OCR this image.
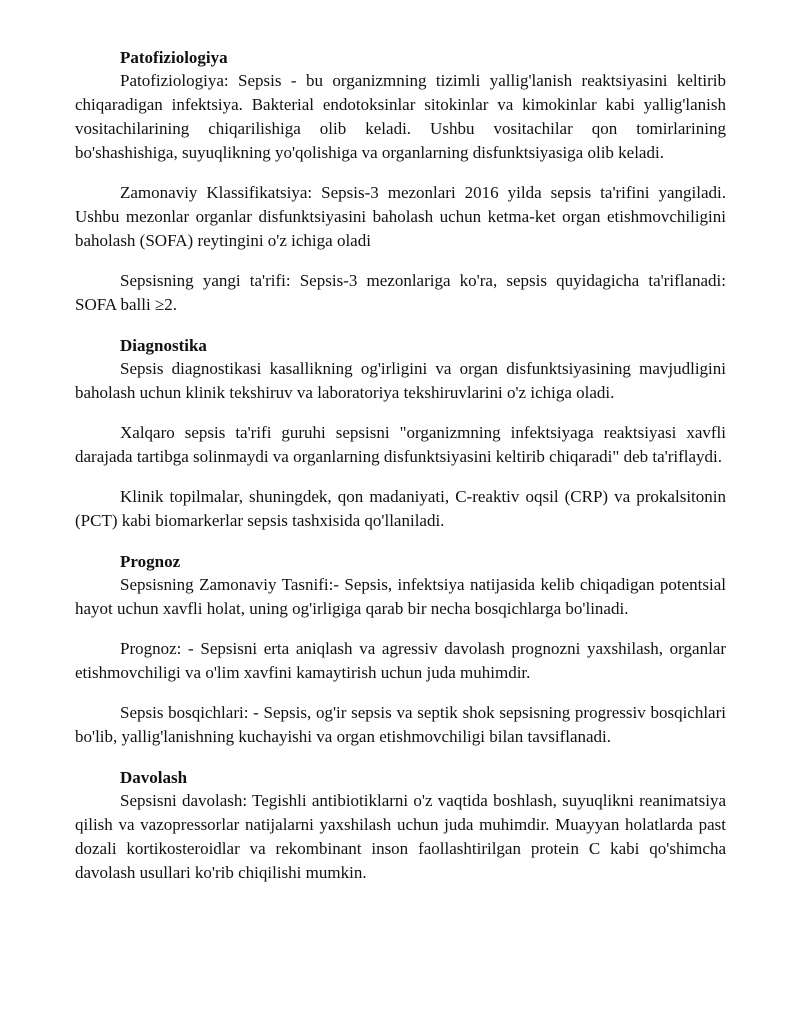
Patofiziologiya

Patofiziologiya: Sepsis - bu organizmning tizimli yallig'lanish reaktsiyasini keltirib chiqaradigan infektsiya. Bakterial endotoksinlar sitokinlar va kimokinlar kabi yallig'lanish vositachilarining chiqarilishiga olib keladi. Ushbu vositachilar qon tomirlarining bo'shashishiga, suyuqlikning yo'qolishiga va organlarning disfunktsiyasiga olib keladi.

Zamonaviy Klassifikatsiya: Sepsis-3 mezonlari 2016 yilda sepsis ta'rifini yangiladi. Ushbu mezonlar organlar disfunktsiyasini baholash uchun ketma-ket organ etishmovchiligini baholash (SOFA) reytingini o'z ichiga oladi

Sepsisning yangi ta'rifi: Sepsis-3 mezonlariga ko'ra, sepsis quyidagicha ta'riflanadi: SOFA balli ≥2.

Diagnostika

Sepsis diagnostikasi kasallikning og'irligini va organ disfunktsiyasining mavjudligini baholash uchun klinik tekshiruv va laboratoriya tekshiruvlarini o'z ichiga oladi.

Xalqaro sepsis ta'rifi guruhi sepsisni "organizmning infektsiyaga reaktsiyasi xavfli darajada tartibga solinmaydi va organlarning disfunktsiyasini keltirib chiqaradi" deb ta'riflaydi.

Klinik topilmalar, shuningdek, qon madaniyati, C-reaktiv oqsil (CRP) va prokalsitonin (PCT) kabi biomarkerlar sepsis tashxisida qo'llaniladi.

Prognoz

Sepsisning Zamonaviy Tasnifi:- Sepsis, infektsiya natijasida kelib chiqadigan potentsial hayot uchun xavfli holat, uning og'irligiga qarab bir necha bosqichlarga bo'linadi.

Prognoz: - Sepsisni erta aniqlash va agressiv davolash prognozni yaxshilash, organlar etishmovchiligi va o'lim xavfini kamaytirish uchun juda muhimdir.

Sepsis bosqichlari: - Sepsis, og'ir sepsis va septik shok sepsisning progressiv bosqichlari bo'lib, yallig'lanishning kuchayishi va organ etishmovchiligi bilan tavsiflanadi.

Davolash

Sepsisni davolash: Tegishli antibiotiklarni o'z vaqtida boshlash, suyuqlikni reanimatsiya qilish va vazopressorlar natijalarni yaxshilash uchun juda muhimdir. Muayyan holatlarda past dozali kortikosteroidlar va rekombinant inson faollashtirilgan protein C kabi qo'shimcha davolash usullari ko'rib chiqilishi mumkin.
